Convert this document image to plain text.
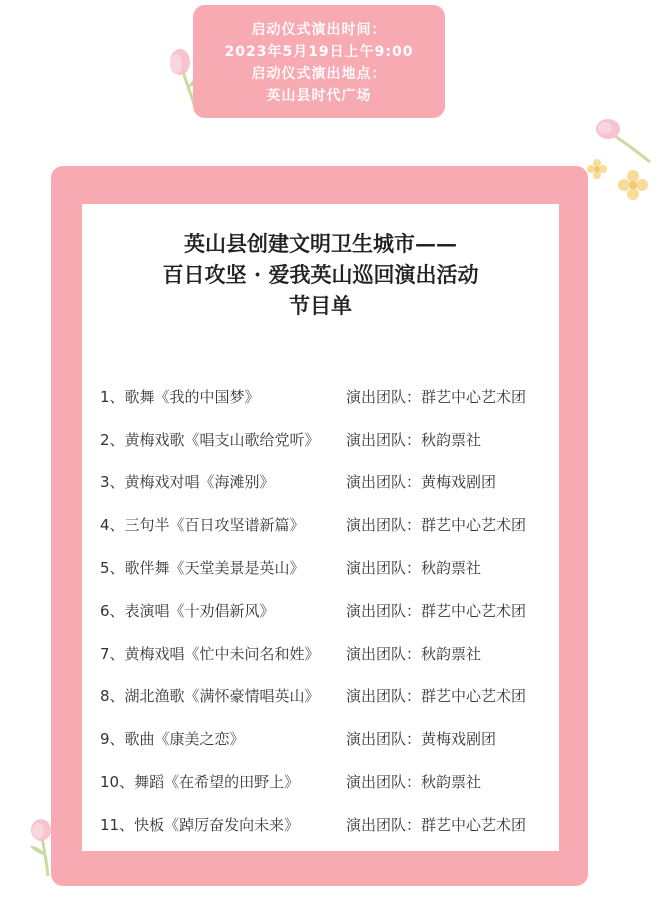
启动仪式演出时间：
2023年5月19日上午9:00
启动仪式演出地点：
英山县时代广场
英山县创建文明卫生城市——
百日攻坚 · 爱我英山巡回演出活动
节目单
1、歌舞《我的中国梦》	演出团队：群艺中心艺术团
2、黄梅戏歌《唱支山歌给党听》	演出团队：秋韵票社
3、黄梅戏对唱《海滩别》	演出团队：黄梅戏剧团
4、三句半《百日攻坚谱新篇》	演出团队：群艺中心艺术团
5、歌伴舞《天堂美景是英山》	演出团队：秋韵票社
6、表演唱《十劝倡新风》	演出团队：群艺中心艺术团
7、黄梅戏唱《忙中未问名和姓》	演出团队：秋韵票社
8、湖北渔歌《满怀豪情唱英山》	演出团队：群艺中心艺术团
9、歌曲《康美之恋》	演出团队：黄梅戏剧团
10、舞蹈《在希望的田野上》	演出团队：秋韵票社
11、快板《踔厉奋发向未来》	演出团队：群艺中心艺术团
